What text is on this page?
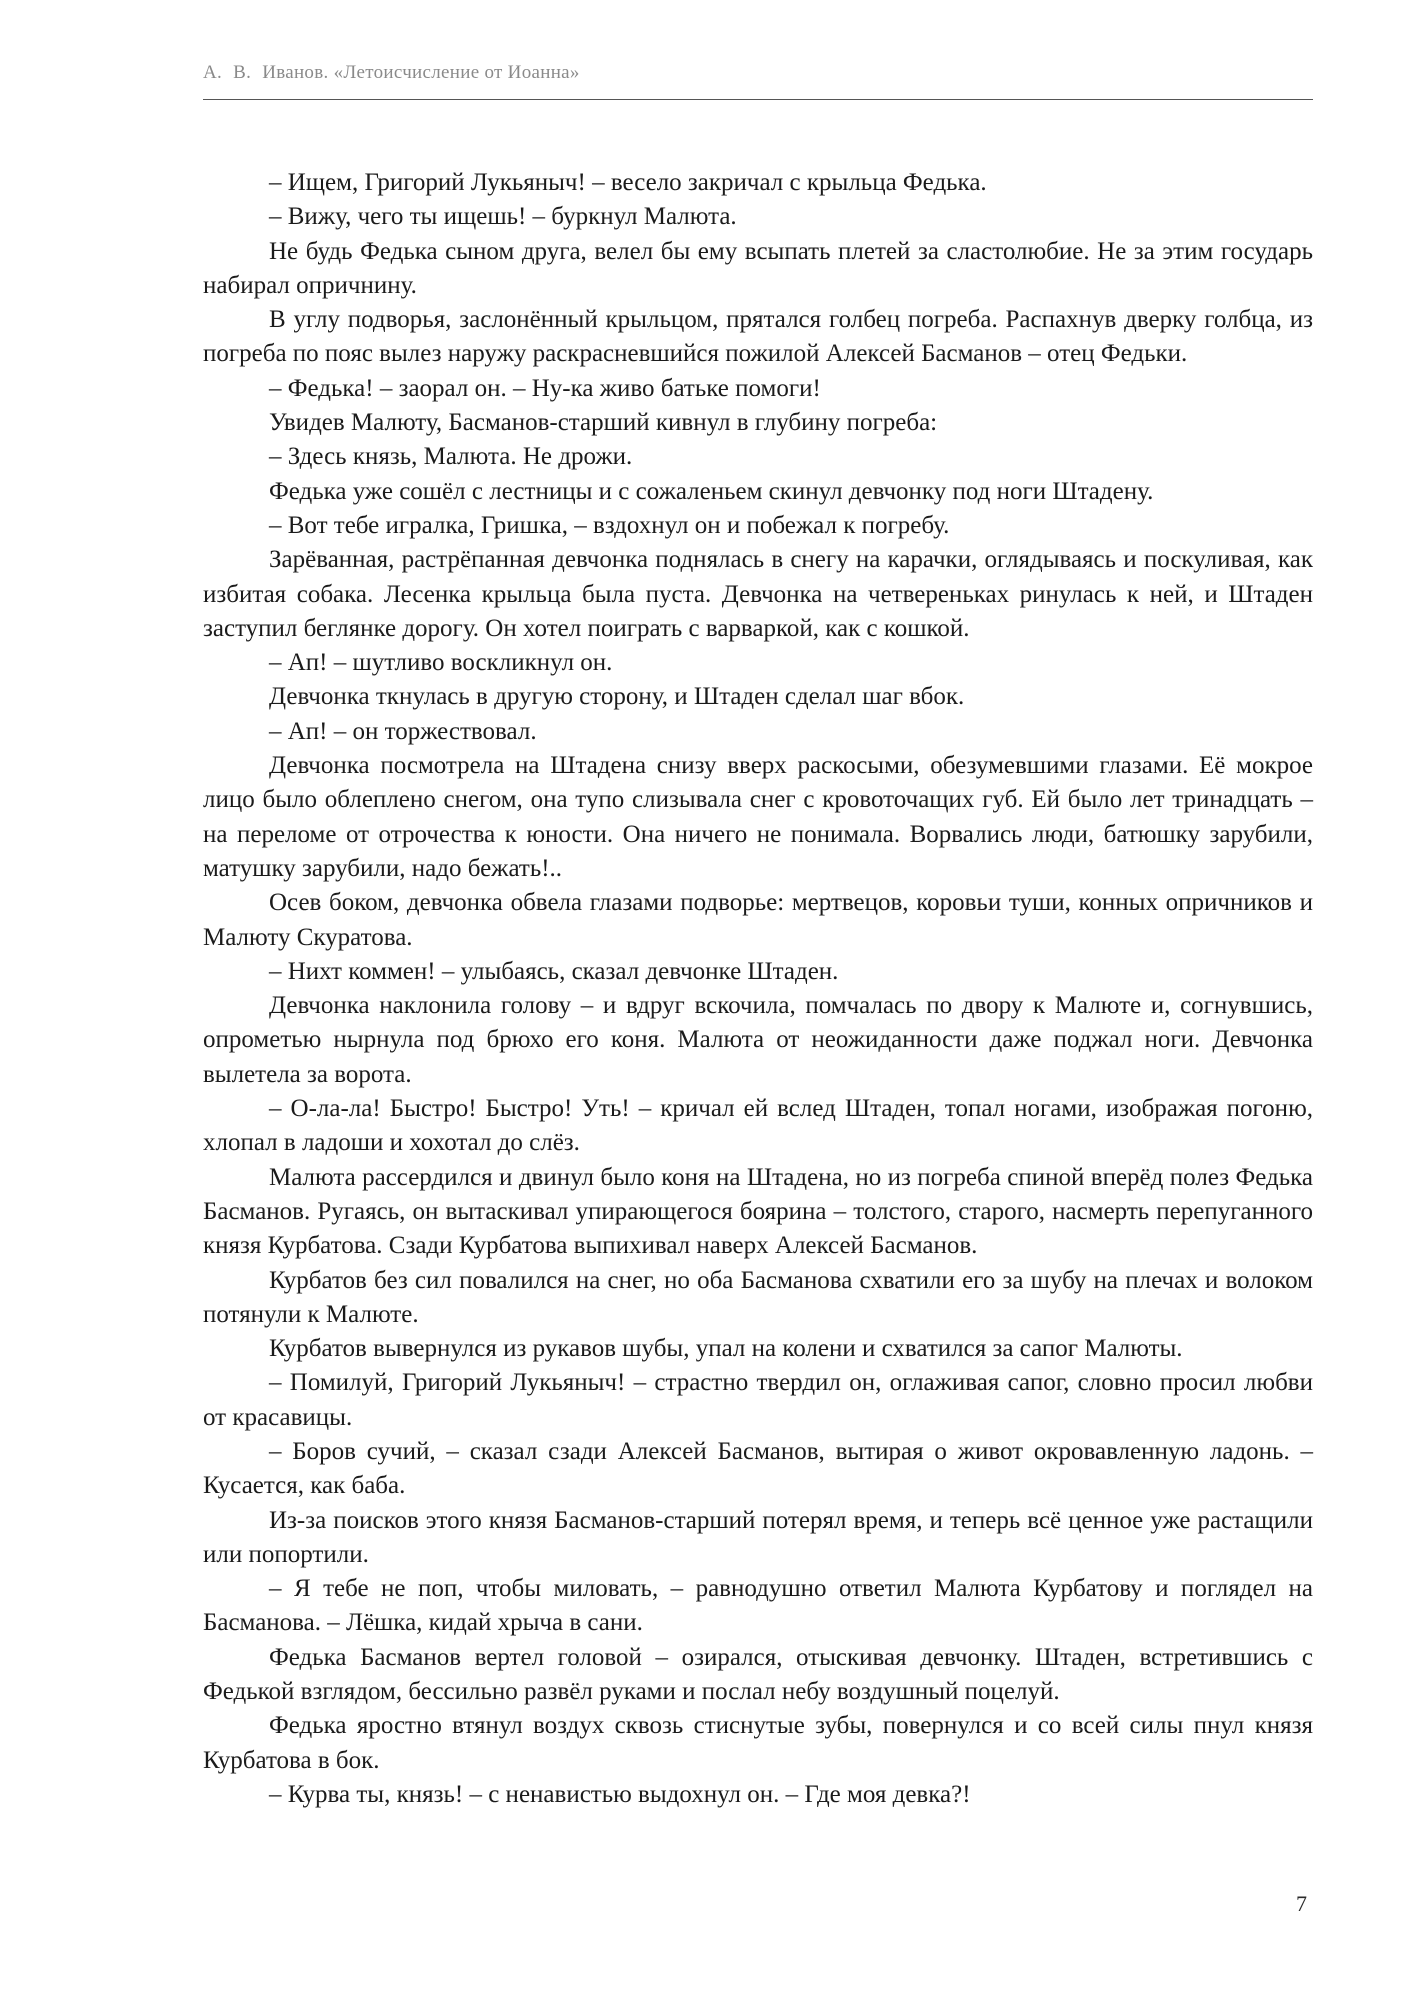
А. В. Иванов. «Летоисчисление от Иоанна»

– Ищем, Григорий Лукьяныч! – весело закричал с крыльца Федька.

– Вижу, чего ты ищешь! – буркнул Малюта.

Не будь Федька сыном друга, велел бы ему всыпать плетей за сластолюбие. Не за этим государь набирал опричнину.

В углу подворья, заслонённый крыльцом, прятался голбец погреба. Распахнув дверку голбца, из погреба по пояс вылез наружу раскрасневшийся пожилой Алексей Басманов – отец Федьки.

– Федька! – заорал он. – Ну-ка живо батьке помоги!

Увидев Малюту, Басманов-старший кивнул в глубину погреба:

– Здесь князь, Малюта. Не дрожи.

Федька уже сошёл с лестницы и с сожаленьем скинул девчонку под ноги Штадену.

– Вот тебе игралка, Гришка, – вздохнул он и побежал к погребу.

Зарёванная, растрёпанная девчонка поднялась в снегу на карачки, оглядываясь и поскуливая, как избитая собака. Лесенка крыльца была пуста. Девчонка на четвереньках ринулась к ней, и Штаден заступил беглянке дорогу. Он хотел поиграть с варваркой, как с кошкой.

– Ап! – шутливо воскликнул он.

Девчонка ткнулась в другую сторону, и Штаден сделал шаг вбок.

– Ап! – он торжествовал.

Девчонка посмотрела на Штадена снизу вверх раскосыми, обезумевшими глазами. Её мокрое лицо было облеплено снегом, она тупо слизывала снег с кровоточащих губ. Ей было лет тринадцать – на переломе от отрочества к юности. Она ничего не понимала. Ворвались люди, батюшку зарубили, матушку зарубили, надо бежать!..

Осев боком, девчонка обвела глазами подворье: мертвецов, коровьи туши, конных опричников и Малюту Скуратова.

– Нихт коммен! – улыбаясь, сказал девчонке Штаден.

Девчонка наклонила голову – и вдруг вскочила, помчалась по двору к Малюте и, согнувшись, опрометью нырнула под брюхо его коня. Малюта от неожиданности даже поджал ноги. Девчонка вылетела за ворота.

– О-ла-ла! Быстро! Быстро! Уть! – кричал ей вслед Штаден, топал ногами, изображая погоню, хлопал в ладоши и хохотал до слёз.

Малюта рассердился и двинул было коня на Штадена, но из погреба спиной вперёд полез Федька Басманов. Ругаясь, он вытаскивал упирающегося боярина – толстого, старого, насмерть перепуганного князя Курбатова. Сзади Курбатова выпихивал наверх Алексей Басманов.

Курбатов без сил повалился на снег, но оба Басманова схватили его за шубу на плечах и волоком потянули к Малюте.

Курбатов вывернулся из рукавов шубы, упал на колени и схватился за сапог Малюты.

– Помилуй, Григорий Лукьяныч! – страстно твердил он, оглаживая сапог, словно просил любви от красавицы.

– Боров сучий, – сказал сзади Алексей Басманов, вытирая о живот окровавленную ладонь. – Кусается, как баба.

Из-за поисков этого князя Басманов-старший потерял время, и теперь всё ценное уже растащили или попортили.

– Я тебе не поп, чтобы миловать, – равнодушно ответил Малюта Курбатову и поглядел на Басманова. – Лёшка, кидай хрыча в сани.

Федька Басманов вертел головой – озирался, отыскивая девчонку. Штаден, встретившись с Федькой взглядом, бессильно развёл руками и послал небу воздушный поцелуй.

Федька яростно втянул воздух сквозь стиснутые зубы, повернулся и со всей силы пнул князя Курбатова в бок.

– Курва ты, князь! – с ненавистью выдохнул он. – Где моя девка?!

7
